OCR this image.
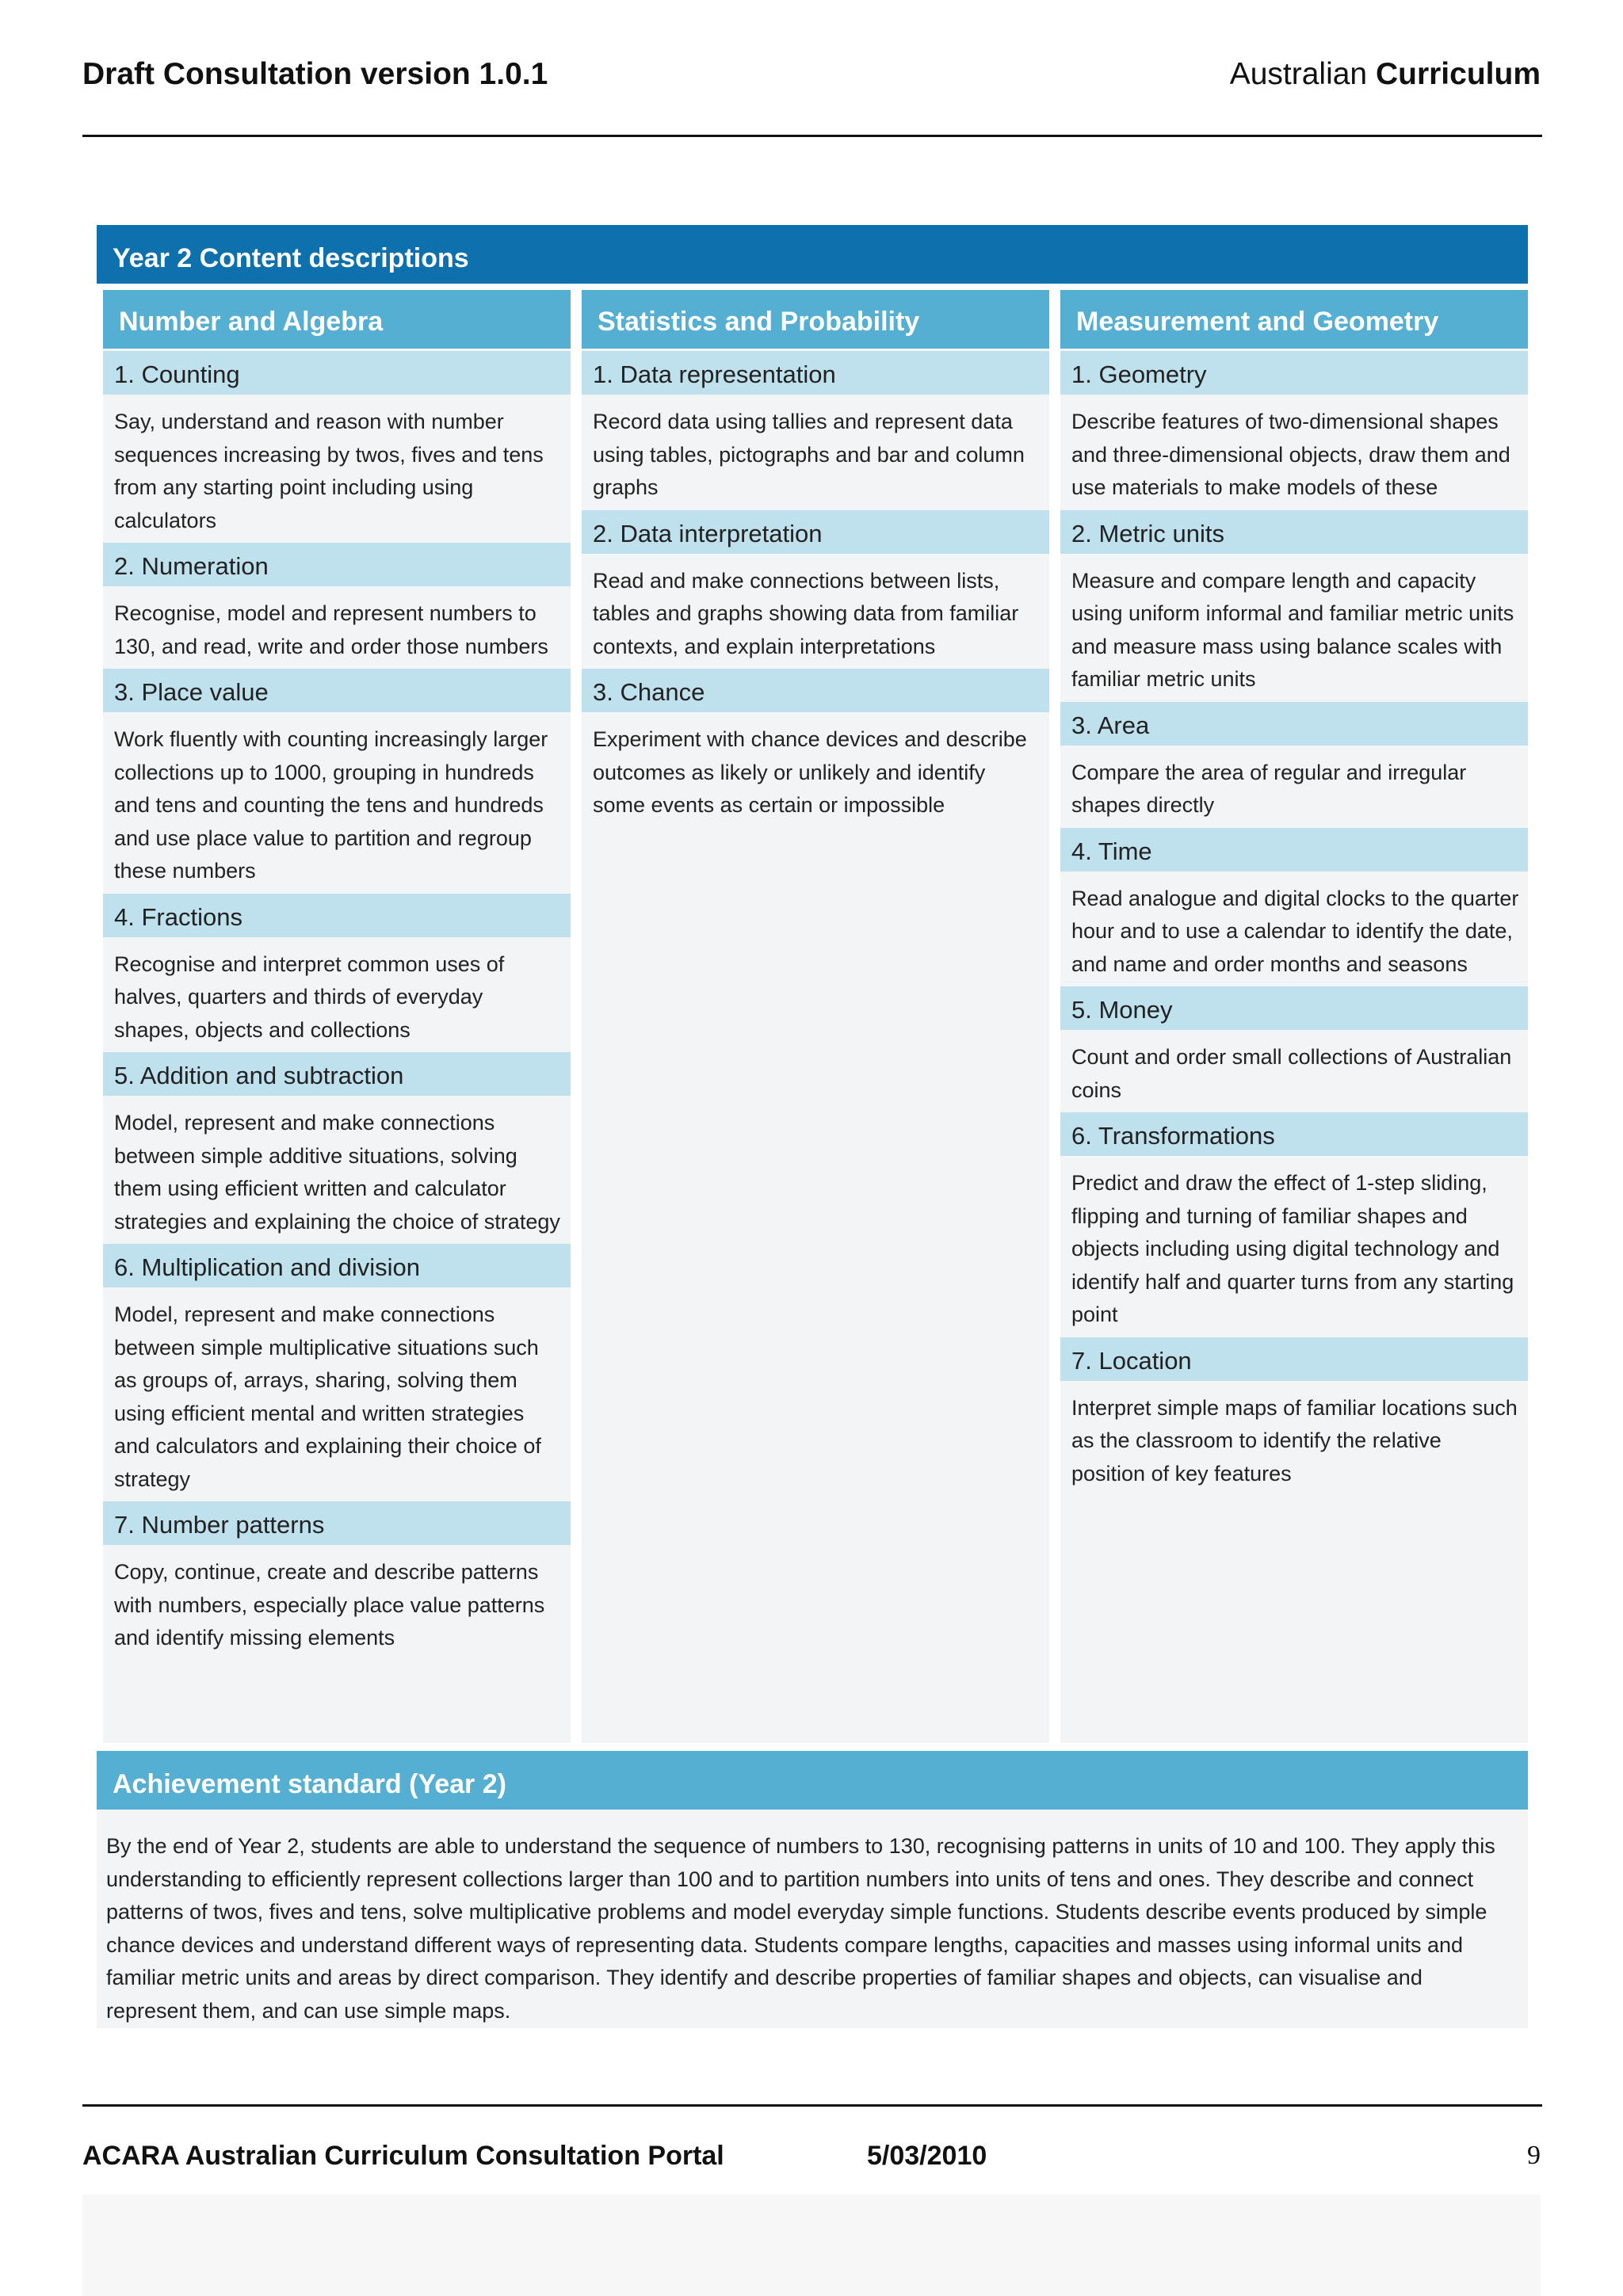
Draft Consultation version 1.0.1	Australian Curriculum
Year 2 Content descriptions
Number and Algebra
1. Counting
Say, understand and reason with number sequences increasing by twos, fives and tens from any starting point including using calculators
2. Numeration
Recognise, model and represent numbers to 130, and read, write and order those numbers
3. Place value
Work fluently with counting increasingly larger collections up to 1000, grouping in hundreds and tens and counting the tens and hundreds and use place value to partition and regroup these numbers
4. Fractions
Recognise and interpret common uses of halves, quarters and thirds of everyday shapes, objects and collections
5. Addition and subtraction
Model, represent and make connections between simple additive situations, solving them using efficient written and calculator strategies and explaining the choice of strategy
6. Multiplication and division
Model, represent and make connections between simple multiplicative situations such as groups of, arrays, sharing, solving them using efficient mental and written strategies and calculators and explaining their choice of strategy
7. Number patterns
Copy, continue, create and describe patterns with numbers, especially place value patterns and identify missing elements
Statistics and Probability
1. Data representation
Record data using tallies and represent data using tables, pictographs and bar and column graphs
2. Data interpretation
Read and make connections between lists, tables and graphs showing data from familiar contexts, and explain interpretations
3. Chance
Experiment with chance devices and describe outcomes as likely or unlikely and identify some events as certain or impossible
Measurement and Geometry
1. Geometry
Describe features of two-dimensional shapes and three-dimensional objects, draw them and use materials to make models of these
2. Metric units
Measure and compare length and capacity using uniform informal and familiar metric units and measure mass using balance scales with familiar metric units
3. Area
Compare the area of regular and irregular shapes directly
4. Time
Read analogue and digital clocks to the quarter hour and to use a calendar to identify the date, and name and order months and seasons
5. Money
Count and order small collections of Australian coins
6. Transformations
Predict and draw the effect of 1-step sliding, flipping and turning of familiar shapes and objects including using digital technology and identify half and quarter turns from any starting point
7. Location
Interpret simple maps of familiar locations such as the classroom to identify the relative position of key features
Achievement standard (Year 2)
By the end of Year 2, students are able to understand the sequence of numbers to 130, recognising patterns in units of 10 and 100. They apply this understanding to efficiently represent collections larger than 100 and to partition numbers into units of tens and ones. They describe and connect patterns of twos, fives and tens, solve multiplicative problems and model everyday simple functions. Students describe events produced by simple chance devices and understand different ways of representing data. Students compare lengths, capacities and masses using informal units and familiar metric units and areas by direct comparison. They identify and describe properties of familiar shapes and objects, can visualise and represent them, and can use simple maps.
ACARA Australian Curriculum Consultation Portal	5/03/2010	9
